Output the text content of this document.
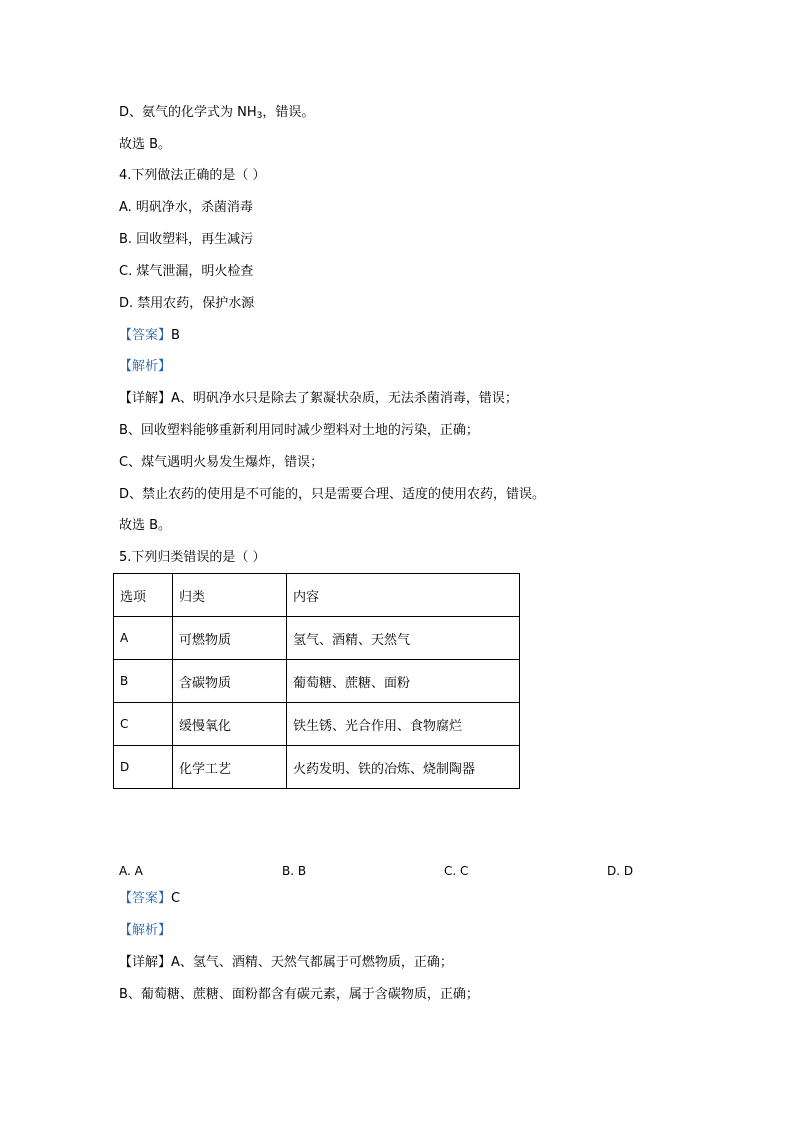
D、氨气的化学式为 $NH_3$，错误。
故选 B。
4.下列做法正确的是（ ）
A. 明矾净水，杀菌消毒
B. 回收塑料，再生减污
C. 煤气泄漏，明火检查
D. 禁用农药，保护水源
【答案】B
【解析】
【详解】A、明矾净水只是除去了絮凝状杂质，无法杀菌消毒，错误；
B、回收塑料能够重新利用同时减少塑料对土地的污染，正确；
C、煤气遇明火易发生爆炸，错误；
D、禁止农药的使用是不可能的，只是需要合理、适度的使用农药，错误。
故选 B。
5.下列归类错误的是（ ）
选项	归类	内容
A	可燃物质	氢气、酒精、天然气
B	含碳物质	葡萄糖、蔗糖、面粉
C	缓慢氧化	铁生锈、光合作用、食物腐烂
D	化学工艺	火药发明、铁的冶炼、烧制陶器
A. A	B. B	C. C	D. D
【答案】C
【解析】
【详解】A、氢气、酒精、天然气都属于可燃物质，正确；
B、葡萄糖、蔗糖、面粉都含有碳元素，属于含碳物质，正确；
